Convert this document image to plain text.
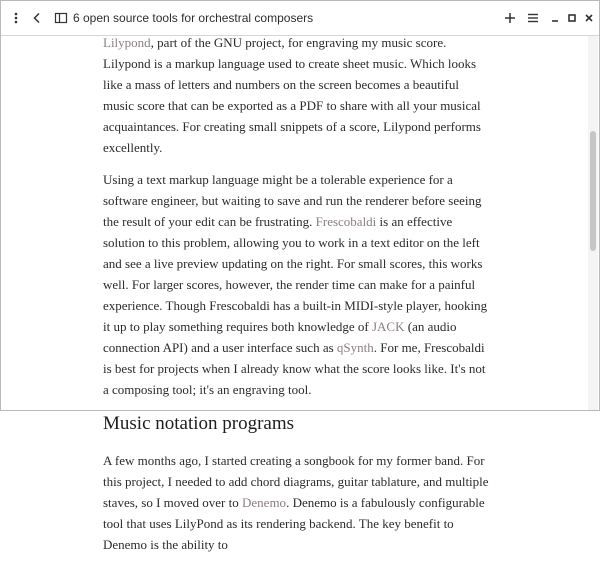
6 open source tools for orchestral composers

Lilypond, part of the GNU project, for engraving my music score. Lilypond is a markup language used to create sheet music. Which looks like a mass of letters and numbers on the screen becomes a beautiful music score that can be exported as a PDF to share with all your musical acquaintances. For creating small snippets of a score, Lilypond performs excellently.

Using a text markup language might be a tolerable experience for a software engineer, but waiting to save and run the renderer before seeing the result of your edit can be frustrating. Frescobaldi is an effective solution to this problem, allowing you to work in a text editor on the left and see a live preview updating on the right. For small scores, this works well. For larger scores, however, the render time can make for a painful experience. Though Frescobaldi has a built-in MIDI-style player, hooking it up to play something requires both knowledge of JACK (an audio connection API) and a user interface such as qSynth. For me, Frescobaldi is best for projects when I already know what the score looks like. It's not a composing tool; it's an engraving tool.

Music notation programs

A few months ago, I started creating a songbook for my former band. For this project, I needed to add chord diagrams, guitar tablature, and multiple staves, so I moved over to Denemo. Denemo is a fabulously configurable tool that uses LilyPond as its rendering backend. The key benefit to Denemo is the ability to
